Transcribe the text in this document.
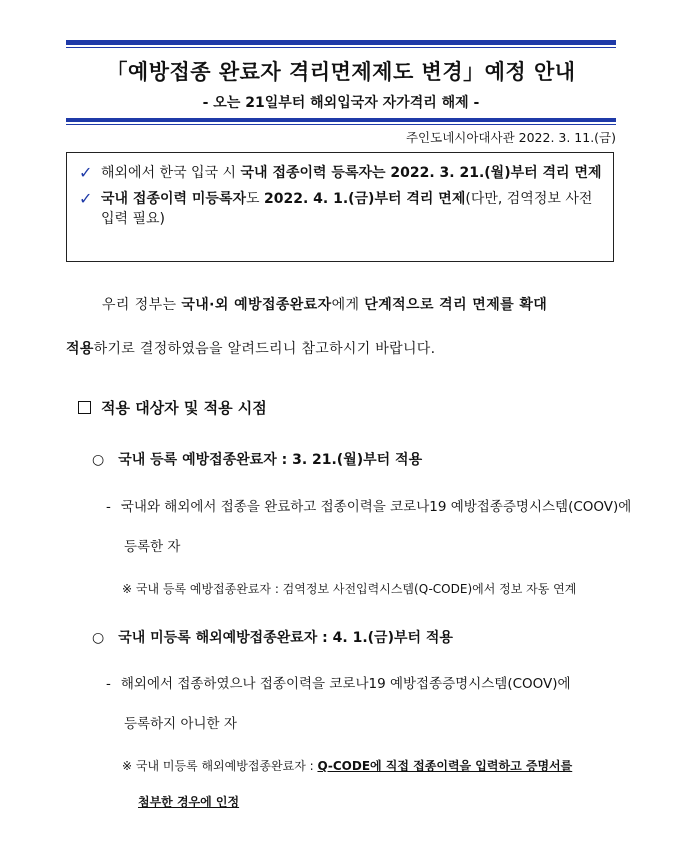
「예방접종 완료자 격리면제제도 변경」예정 안내
- 오는 21일부터 해외입국자 자가격리 해제 -
주인도네시아대사관 2022. 3. 11.(금)
✓ 해외에서 한국 입국 시 국내 접종이력 등록자는 2022. 3. 21.(월)부터 격리 면제
✓ 국내 접종이력 미등록자도 2022. 4. 1.(금)부터 격리 면제(다만, 검역정보 사전 입력 필요)
우리 정부는 국내·외 예방접종완료자에게 단계적으로 격리 면제를 확대
적용하기로 결정하였음을 알려드리니 참고하시기 바랍니다.
적용 대상자 및 적용 시점
○ 국내 등록 예방접종완료자 : 3. 21.(월)부터 적용
- 국내와 해외에서 접종을 완료하고 접종이력을 코로나19 예방접종증명시스템(COOV)에
등록한 자
※ 국내 등록 예방접종완료자 : 검역정보 사전입력시스템(Q-CODE)에서 정보 자동 연계
○ 국내 미등록 해외예방접종완료자 : 4. 1.(금)부터 적용
- 해외에서 접종하였으나 접종이력을 코로나19 예방접종증명시스템(COOV)에
등록하지 아니한 자
※ 국내 미등록 해외예방접종완료자 : Q-CODE에 직접 접종이력을 입력하고 증명서를
첨부한 경우에 인정
